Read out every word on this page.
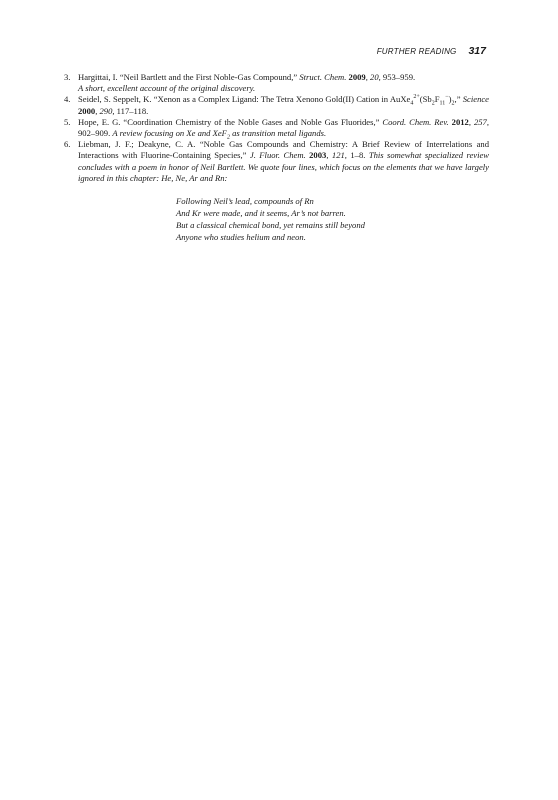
FURTHER READING 317
3. Hargittai, I. “Neil Bartlett and the First Noble-Gas Compound,” Struct. Chem. 2009, 20, 953–959.
A short, excellent account of the original discovery.
4. Seidel, S. Seppelt, K. “Xenon as a Complex Ligand: The Tetra Xenono Gold(II) Cation in $AuXe_4^{2+}(Sb_2F_{11}^-)_2$,” Science 2000, 290, 117–118.
5. Hope, E. G. “Coordination Chemistry of the Noble Gases and Noble Gas Fluorides,” Coord. Chem. Rev. 2012, 257, 902–909. A review focusing on Xe and XeF$_2$ as transition metal ligands.
6. Liebman, J. F.; Deakyne, C. A. “Noble Gas Compounds and Chemistry: A Brief Review of Interrelations and Interactions with Fluorine-Containing Species,” J. Fluor. Chem. 2003, 121, 1–8. This somewhat specialized review concludes with a poem in honor of Neil Bartlett. We quote four lines, which focus on the elements that we have largely ignored in this chapter: He, Ne, Ar and Rn:
Following Neil’s lead, compounds of Rn
And Kr were made, and it seems, Ar’s not barren.
But a classical chemical bond, yet remains still beyond
Anyone who studies helium and neon.
